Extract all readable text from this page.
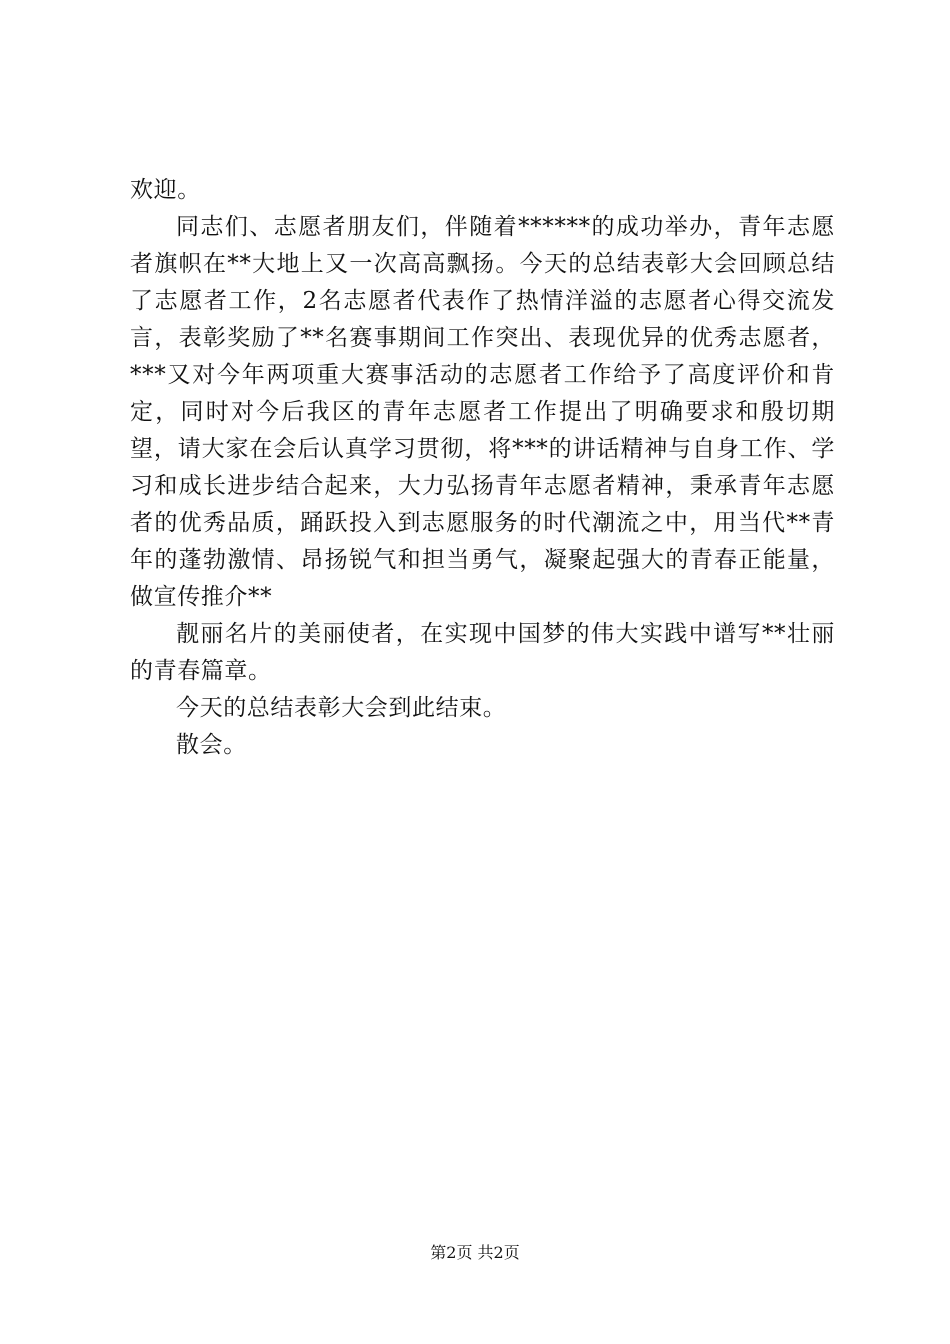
欢迎。

同志们、志愿者朋友们，伴随着******的成功举办，青年志愿者旗帜在**大地上又一次高高飘扬。今天的总结表彰大会回顾总结了志愿者工作，2名志愿者代表作了热情洋溢的志愿者心得交流发言，表彰奖励了**名赛事期间工作突出、表现优异的优秀志愿者，***又对今年两项重大赛事活动的志愿者工作给予了高度评价和肯定，同时对今后我区的青年志愿者工作提出了明确要求和殷切期望，请大家在会后认真学习贯彻，将***的讲话精神与自身工作、学习和成长进步结合起来，大力弘扬青年志愿者精神，秉承青年志愿者的优秀品质，踊跃投入到志愿服务的时代潮流之中，用当代**青年的蓬勃激情、昂扬锐气和担当勇气，凝聚起强大的青春正能量，做宣传推介**

靓丽名片的美丽使者，在实现中国梦的伟大实践中谱写**壮丽的青春篇章。

今天的总结表彰大会到此结束。

散会。

第2页 共2页
